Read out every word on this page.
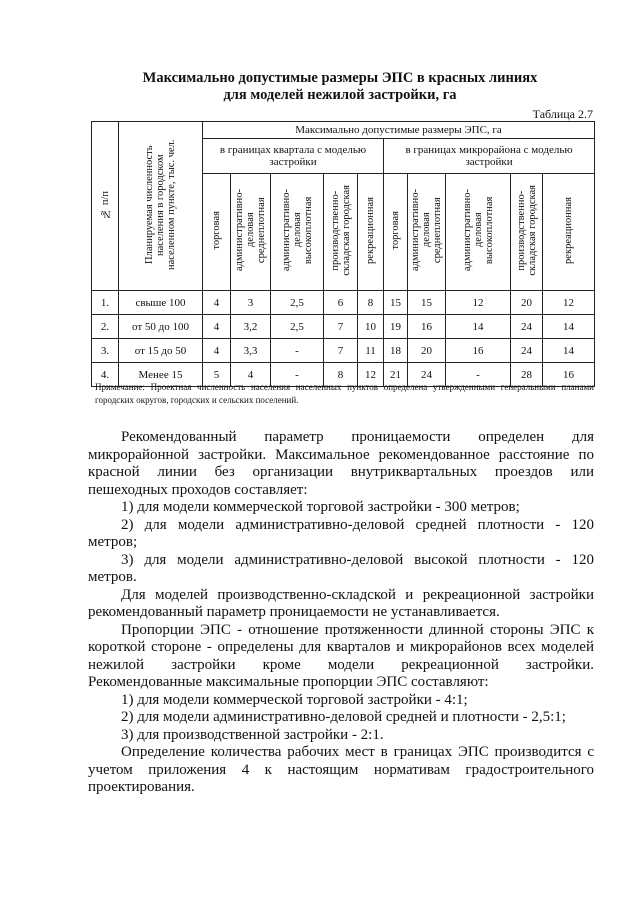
Максимально допустимые размеры ЭПС в красных линиях
для моделей нежилой застройки, га
Таблица 2.7
№ п/п	Планируемая численность населения в городском населенном пункте, тыс. чел.	Максимально допустимые размеры ЭПС, га									
		в границах квартала с моделью застройки					в границах микрорайона с моделью застройки				
		торговая	административно-
деловая
среднеплотная	административно-
деловая
высокоплотная	производственно-
складская городская	рекреационная	торговая	административно-
деловая
среднеплотная	административно-
деловая
высокоплотная	производственно-
складская городская	рекреационная
1.	свыше 100	4	3	2,5	6	8	15	15	12	20	12
2.	от 50 до 100	4	3,2	2,5	7	10	19	16	14	24	14
3.	от 15 до 50	4	3,3	-	7	11	18	20	16	24	14
4.	Менее 15	5	4	-	8	12	21	24	-	28	16
Примечание: Проектная численность населения населенных пунктов определена утвержденными генеральными планами городских округов, городских и сельских поселений.

Рекомендованный параметр проницаемости определен для микрорайонной застройки. Максимальное рекомендованное расстояние по красной линии без организации внутриквартальных проездов или пешеходных проходов составляет:

1) для модели коммерческой торговой застройки - 300 метров;

2) для модели административно-деловой средней плотности - 120 метров;

3) для модели административно-деловой высокой плотности - 120 метров.

Для моделей производственно-складской и рекреационной застройки рекомендованный параметр проницаемости не устанавливается.

Пропорции ЭПС - отношение протяженности длинной стороны ЭПС к короткой стороне - определены для кварталов и микрорайонов всех моделей нежилой застройки кроме модели рекреационной застройки. Рекомендованные максимальные пропорции ЭПС составляют:

1) для модели коммерческой торговой застройки - 4:1;

2) для модели административно-деловой средней и плотности - 2,5:1;

3) для производственной застройки - 2:1.

Определение количества рабочих мест в границах ЭПС производится с учетом приложения 4 к настоящим нормативам градостроительного проектирования.
